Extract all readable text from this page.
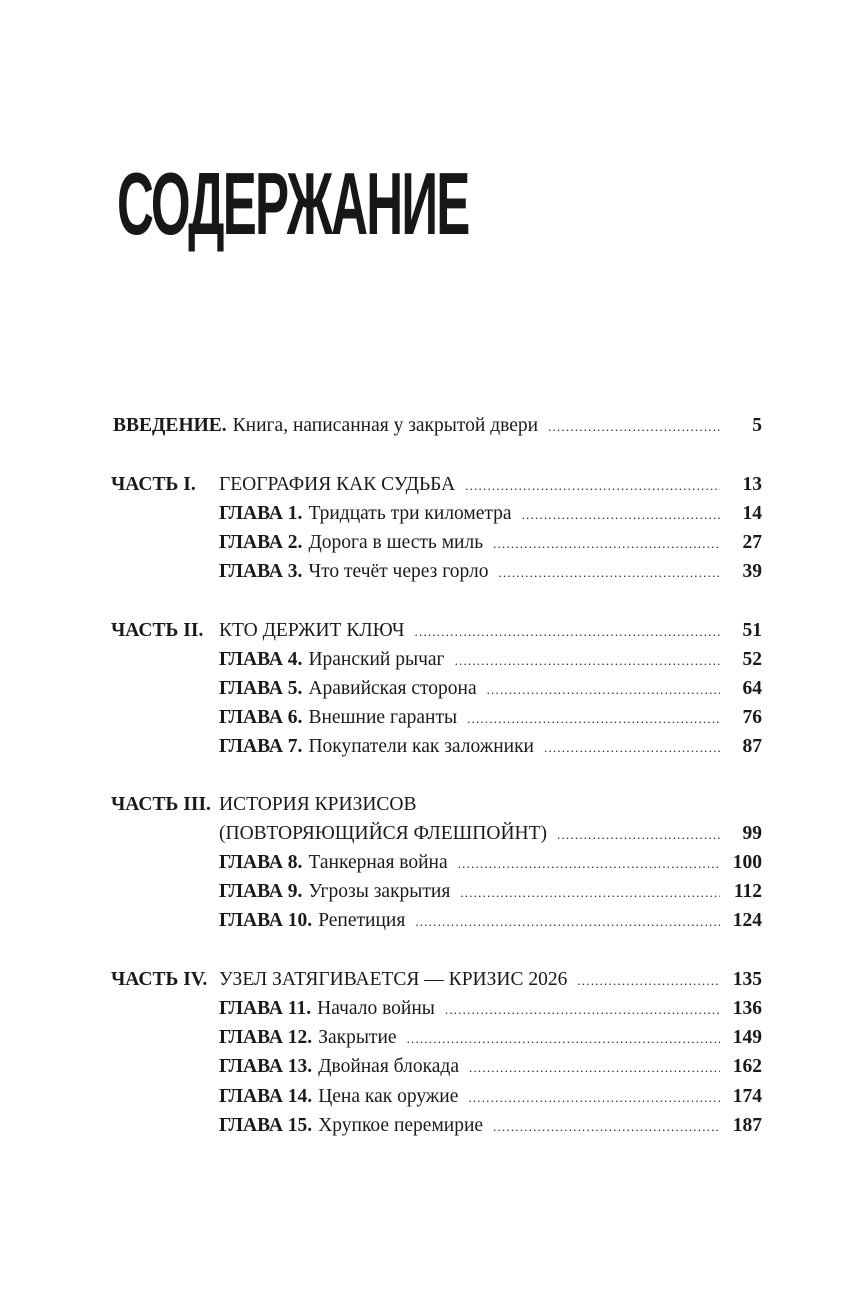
СОДЕРЖАНИЕ
ВВЕДЕНИЕ. Книга, написанная у закрытой двери .....	5
ЧАСТЬ I. ГЕОГРАФИЯ КАК СУДЬБА .....	13
ГЛАВА 1. Тридцать три километра .....	14
ГЛАВА 2. Дорога в шесть миль .....	27
ГЛАВА 3. Что течёт через горло .....	39
ЧАСТЬ II. КТО ДЕРЖИТ КЛЮЧ .....	51
ГЛАВА 4. Иранский рычаг .....	52
ГЛАВА 5. Аравийская сторона .....	64
ГЛАВА 6. Внешние гаранты .....	76
ГЛАВА 7. Покупатели как заложники .....	87
ЧАСТЬ III. ИСТОРИЯ КРИЗИСОВ
(ПОВТОРЯЮЩИЙСЯ ФЛЕШПОЙНТ) .....	99
ГЛАВА 8. Танкерная война .....	100
ГЛАВА 9. Угрозы закрытия .....	112
ГЛАВА 10. Репетиция .....	124
ЧАСТЬ IV. УЗЕЛ ЗАТЯГИВАЕТСЯ — КРИЗИС 2026 .....	135
ГЛАВА 11. Начало войны .....	136
ГЛАВА 12. Закрытие .....	149
ГЛАВА 13. Двойная блокада .....	162
ГЛАВА 14. Цена как оружие .....	174
ГЛАВА 15. Хрупкое перемирие .....	187
